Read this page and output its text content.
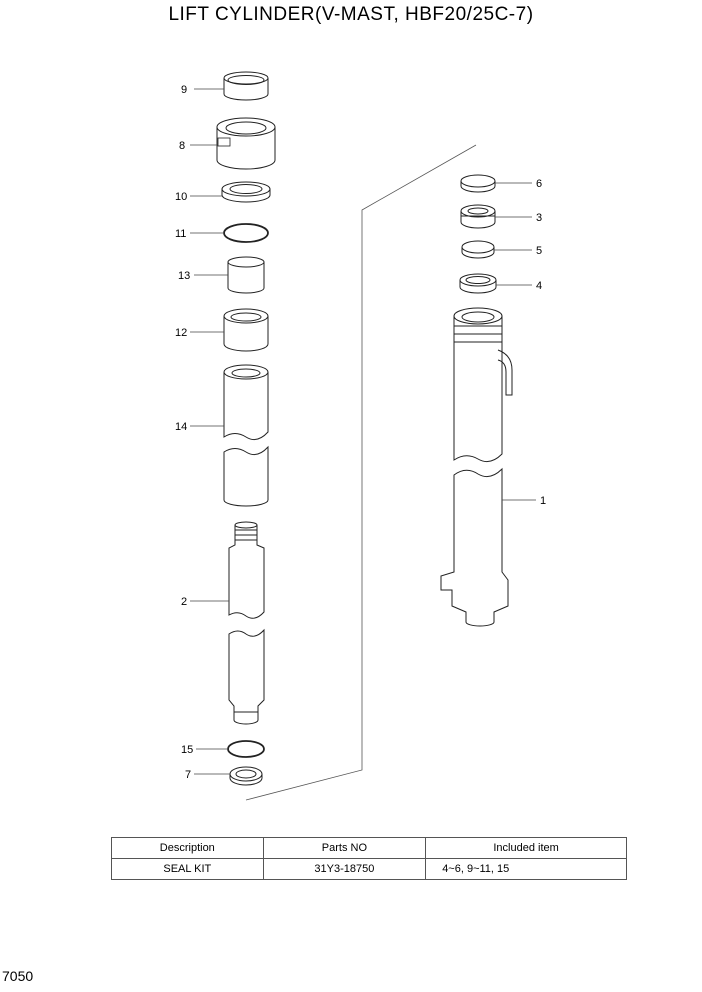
LIFT CYLINDER(V-MAST, HBF20/25C-7)
9
8
10
11
13
12
14
2
15
7
6
3
5
4
1
Description	Parts NO	Included item
SEAL KIT	31Y3-18750	4~6, 9~11, 15
7050
